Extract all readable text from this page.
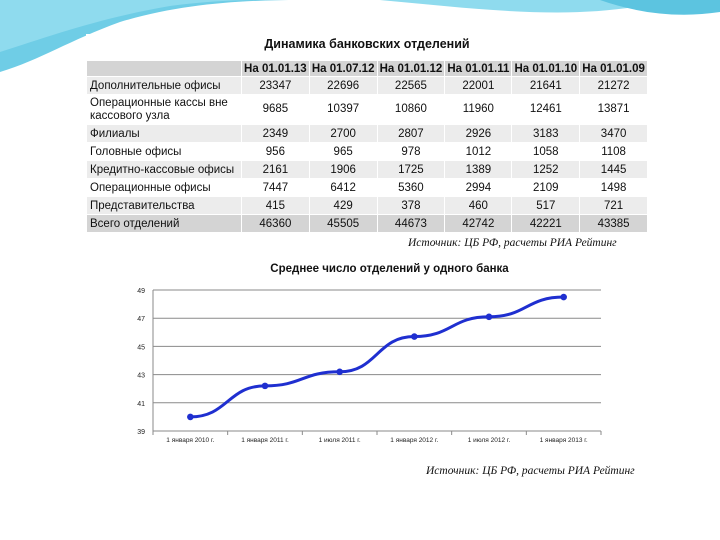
Динамика банковских отделений
	На 01.01.13	На 01.07.12	На 01.01.12	На 01.01.11	На 01.01.10	На 01.01.09
Дополнительные офисы	23347	22696	22565	22001	21641	21272
Операционные кассы вне кассового узла	9685	10397	10860	11960	12461	13871
Филиалы	2349	2700	2807	2926	3183	3470
Головные офисы	956	965	978	1012	1058	1108
Кредитно-кассовые офисы	2161	1906	1725	1389	1252	1445
Операционные офисы	7447	6412	5360	2994	2109	1498
Представительства	415	429	378	460	517	721
Всего отделений	46360	45505	44673	42742	42221	43385
Источник: ЦБ РФ, расчеты РИА Рейтинг
Среднее число отделений у одного банка
39
41
43
45
47
49
1 января 2010 г.	1 января 2011 г.	1 июля 2011 г.	1 января 2012 г.	1 июля 2012 г.	1 января 2013 г.
Источник: ЦБ РФ, расчеты РИА Рейтинг
